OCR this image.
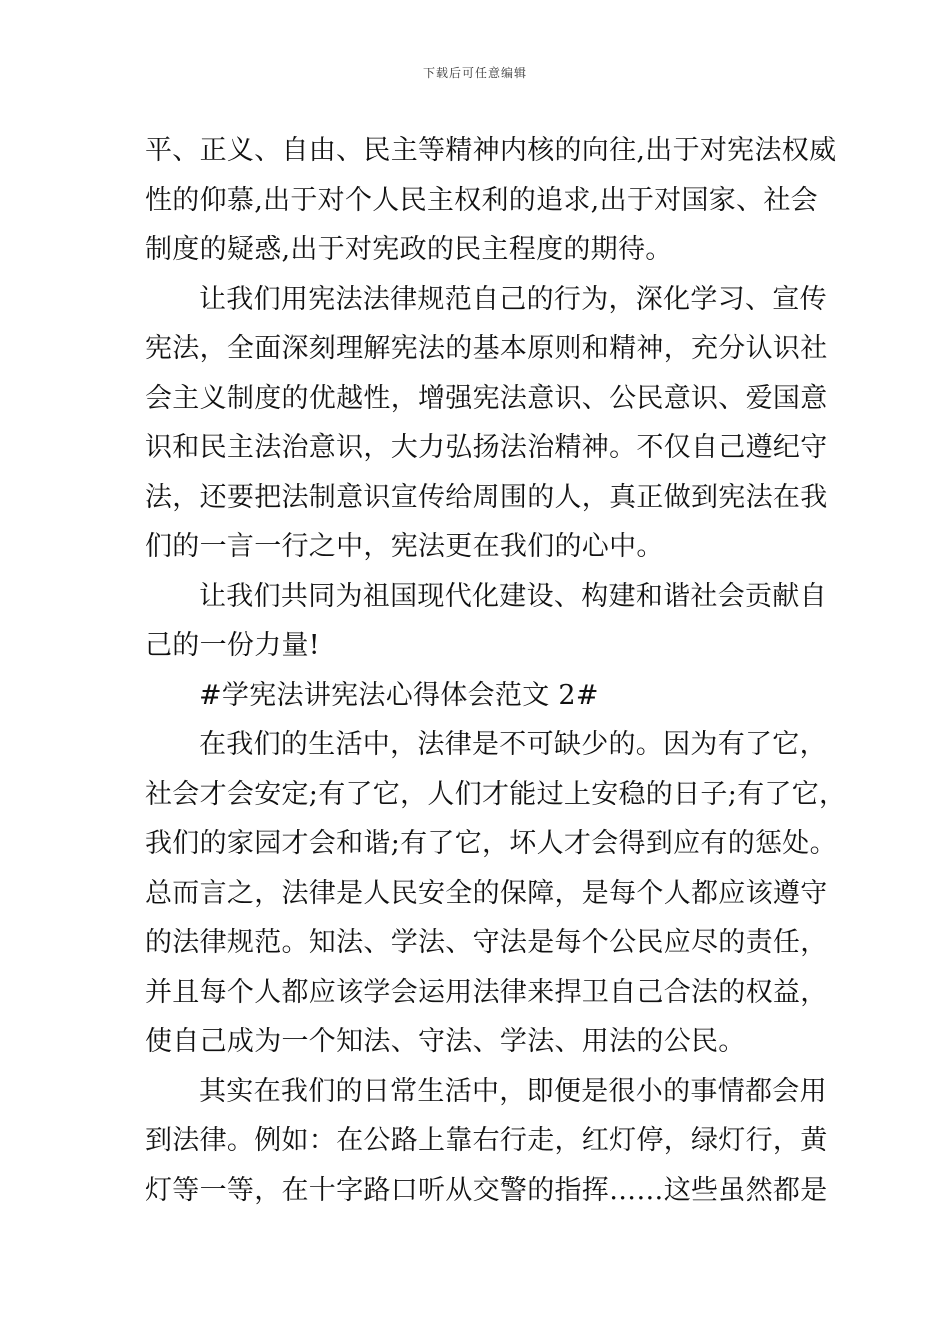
下载后可任意编辑
平、正义、自由、民主等精神内核的向往,出于对宪法权威
性的仰慕,出于对个人民主权利的追求,出于对国家、社会
制度的疑惑,出于对宪政的民主程度的期待。
让我们用宪法法律规范自己的行为，深化学习、宣传
宪法，全面深刻理解宪法的基本原则和精神，充分认识社
会主义制度的优越性，增强宪法意识、公民意识、爱国意
识和民主法治意识，大力弘扬法治精神。不仅自己遵纪守
法，还要把法制意识宣传给周围的人，真正做到宪法在我
们的一言一行之中，宪法更在我们的心中。
让我们共同为祖国现代化建设、构建和谐社会贡献自
己的一份力量!
#学宪法讲宪法心得体会范文 2#
在我们的生活中，法律是不可缺少的。因为有了它，
社会才会安定;有了它，人们才能过上安稳的日子;有了它，
我们的家园才会和谐;有了它，坏人才会得到应有的惩处。
总而言之，法律是人民安全的保障，是每个人都应该遵守
的法律规范。知法、学法、守法是每个公民应尽的责任，
并且每个人都应该学会运用法律来捍卫自己合法的权益，
使自己成为一个知法、守法、学法、用法的公民。
其实在我们的日常生活中，即便是很小的事情都会用
到法律。例如：在公路上靠右行走，红灯停，绿灯行，黄
灯等一等，在十字路口听从交警的指挥……这些虽然都是
